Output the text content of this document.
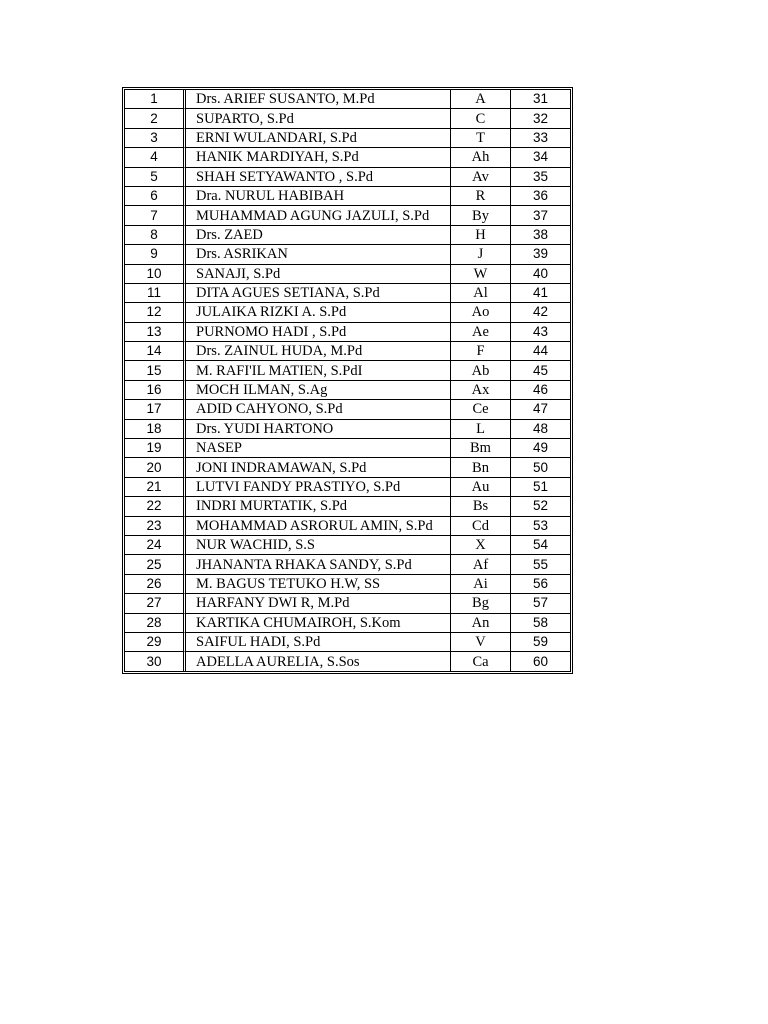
1	Drs. ARIEF SUSANTO, M.Pd	A	31
2	SUPARTO, S.Pd	C	32
3	ERNI WULANDARI, S.Pd	T	33
4	HANIK MARDIYAH, S.Pd	Ah	34
5	SHAH SETYAWANTO , S.Pd	Av	35
6	Dra. NURUL HABIBAH	R	36
7	MUHAMMAD AGUNG JAZULI, S.Pd	By	37
8	Drs. ZAED	H	38
9	Drs. ASRIKAN	J	39
10	SANAJI, S.Pd	W	40
11	DITA AGUES SETIANA, S.Pd	Al	41
12	JULAIKA RIZKI A. S.Pd	Ao	42
13	PURNOMO HADI , S.Pd	Ae	43
14	Drs. ZAINUL HUDA, M.Pd	F	44
15	M. RAFI'IL MATIEN, S.PdI	Ab	45
16	MOCH ILMAN, S.Ag	Ax	46
17	ADID CAHYONO, S.Pd	Ce	47
18	Drs. YUDI HARTONO	L	48
19	NASEP	Bm	49
20	JONI INDRAMAWAN, S.Pd	Bn	50
21	LUTVI FANDY PRASTIYO, S.Pd	Au	51
22	INDRI MURTATIK, S.Pd	Bs	52
23	MOHAMMAD ASRORUL AMIN, S.Pd	Cd	53
24	NUR WACHID, S.S	X	54
25	JHANANTA RHAKA SANDY, S.Pd	Af	55
26	M. BAGUS TETUKO H.W, SS	Ai	56
27	HARFANY DWI R, M.Pd	Bg	57
28	KARTIKA CHUMAIROH, S.Kom	An	58
29	SAIFUL HADI, S.Pd	V	59
30	ADELLA AURELIA, S.Sos	Ca	60
